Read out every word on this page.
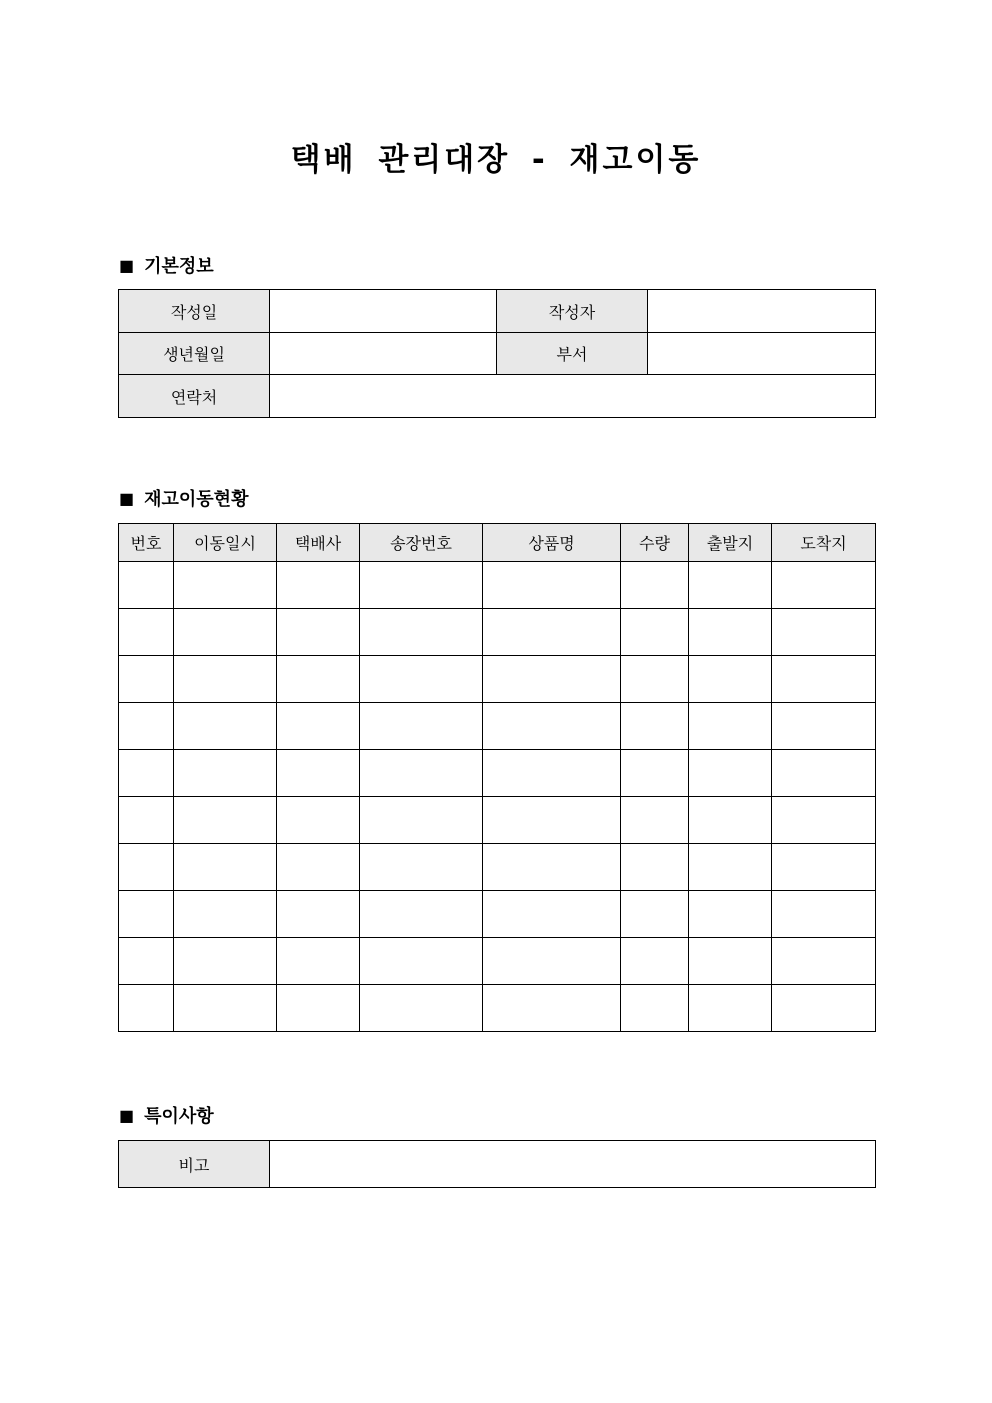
택배 관리대장 - 재고이동
■ 기본정보
작성일		작성자	
생년월일		부서	
연락처			
■ 재고이동현황
번호	이동일시	택배사	송장번호	상품명	수량	출발지	도착지

■ 특이사항
비고	
